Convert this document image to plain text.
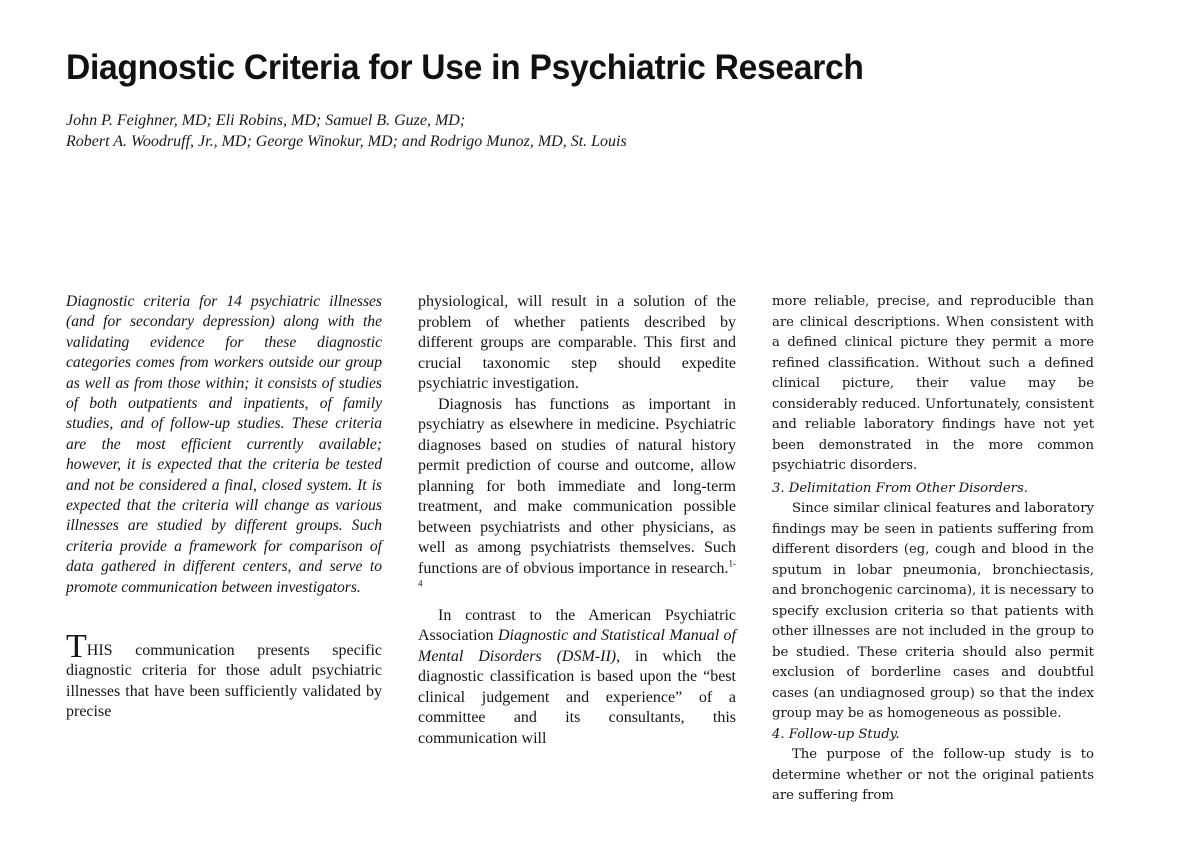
Diagnostic Criteria for Use in Psychiatric Research
John P. Feighner, MD; Eli Robins, MD; Samuel B. Guze, MD;
Robert A. Woodruff, Jr., MD; George Winokur, MD; and Rodrigo Munoz, MD, St. Louis

Diagnostic criteria for 14 psychiatric illnesses (and for secondary depression) along with the validating evidence for these diagnostic categories comes from workers outside our group as well as from those within; it consists of studies of both outpatients and inpatients, of family studies, and of follow-up studies. These criteria are the most efficient currently available; however, it is expected that the criteria be tested and not be considered a final, closed system. It is expected that the criteria will change as various illnesses are studied by different groups. Such criteria provide a framework for comparison of data gathered in different centers, and serve to promote communication between investigators.

THIS communication presents specific diagnostic criteria for those adult psychiatric illnesses that have been sufficiently validated by precise

physiological, will result in a solution of the problem of whether patients described by different groups are comparable. This first and crucial taxonomic step should expedite psychiatric investigation.

Diagnosis has functions as important in psychiatry as elsewhere in medicine. Psychiatric diagnoses based on studies of natural history permit prediction of course and outcome, allow planning for both immediate and long-term treatment, and make communication possible between psychiatrists and other physicians, as well as among psychiatrists themselves. Such functions are of obvious importance in research.$^{1-4}$

In contrast to the American Psychiatric Association Diagnostic and Statistical Manual of Mental Disorders (DSM-II), in which the diagnostic classification is based upon the “best clinical judgement and experience” of a committee and its consultants, this communication will

more reliable, precise, and reproducible than are clinical descriptions. When consistent with a defined clinical picture they permit a more refined classification. Without such a defined clinical picture, their value may be considerably reduced. Unfortunately, consistent and reliable laboratory findings have not yet been demonstrated in the more common psychiatric disorders.

3. Delimitation From Other Disorders.

Since similar clinical features and laboratory findings may be seen in patients suffering from different disorders (eg, cough and blood in the sputum in lobar pneumonia, bronchiectasis, and bronchogenic carcinoma), it is necessary to specify exclusion criteria so that patients with other illnesses are not included in the group to be studied. These criteria should also permit exclusion of borderline cases and doubtful cases (an undiagnosed group) so that the index group may be as homogeneous as possible.

4. Follow-up Study.

The purpose of the follow-up study is to determine whether or not the original patients are suffering from
